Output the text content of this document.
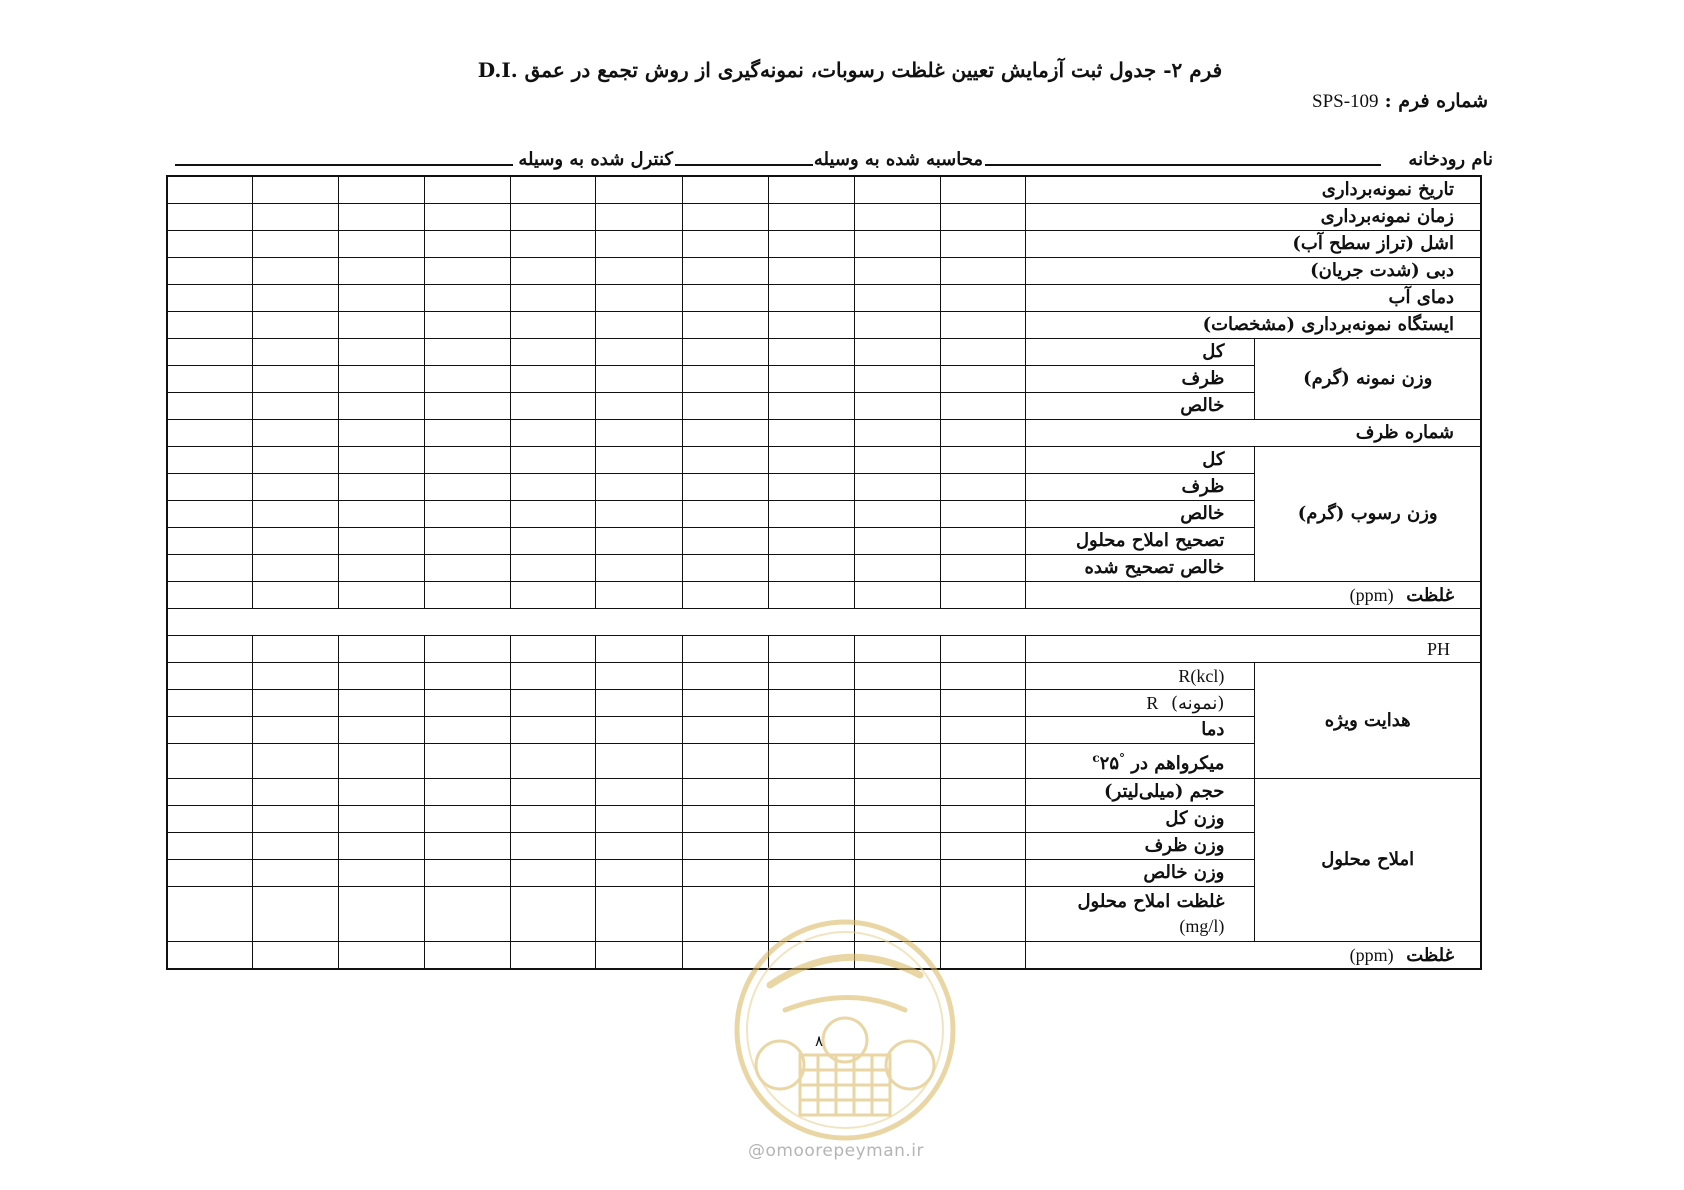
فرم ۲- جدول ثبت آزمایش تعیین غلظت رسوبات، نمونه‌گیری از روش تجمع در عمق .D.I
شماره فرم : SPS-109
نام رودخانه
محاسبه شده به وسیله
کنترل شده به وسیله
										تاریخ نمونه‌برداری	
										زمان نمونه‌برداری	
										اشل (تراز سطح آب)	
										دبی (شدت جریان)	
										دمای آب	
										ایستگاه نمونه‌برداری (مشخصات)	
										کل	وزن نمونه (گرم)
										ظرف	
										خالص	
										شماره ظرف	
										کل	وزن رسوب (گرم)
										ظرف	
										خالص	
										تصحیح املاح محلول	
										خالص تصحیح شده	
										غلظت  (ppm)	

										PH	
										R(kcl)	هدایت ویژه
										(نمونه)  R	
										دما	
										میکرواهم در $^{^\circ c}$۲۵	
										حجم (میلی‌لیتر)	املاح محلول
										وزن کل	
										وزن ظرف	
										وزن خالص	

										غلظت املاح محلول
(mg/l)	

										غلظت  (ppm)	
۸
@omoorepeyman.ir
